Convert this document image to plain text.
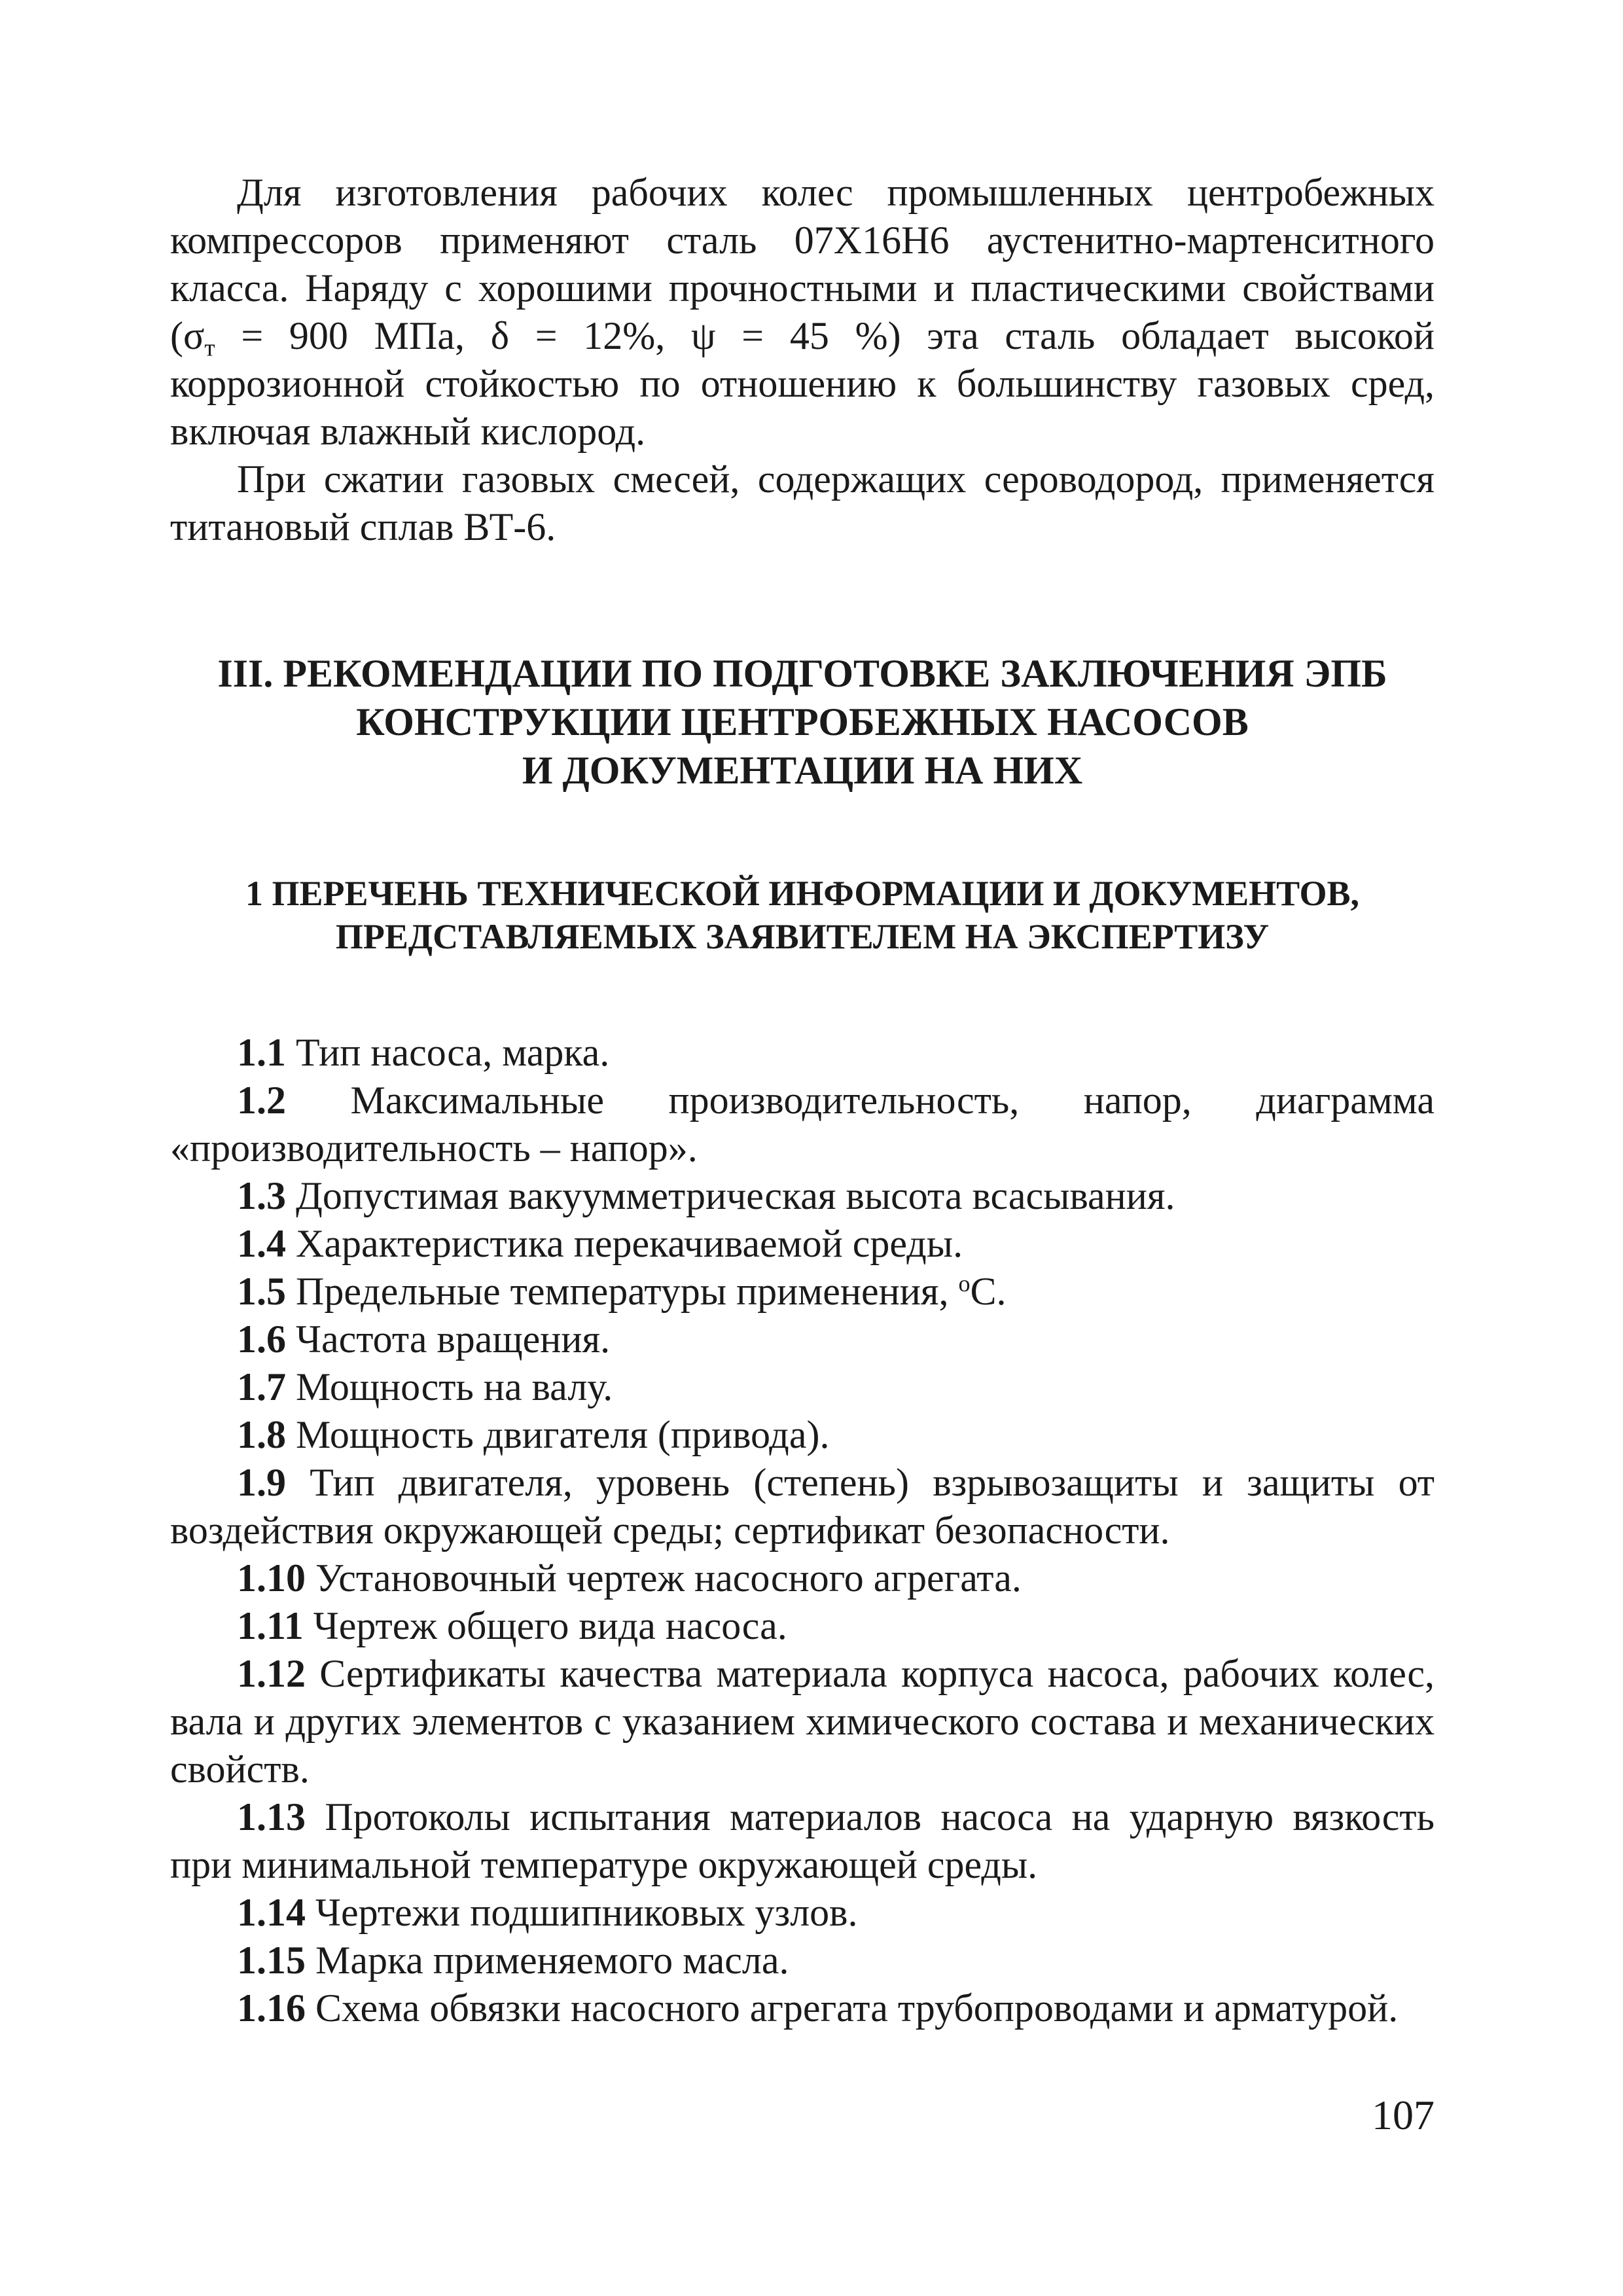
Для изготовления рабочих колес промышленных центробежных компрессоров применяют сталь 07Х16Н6 аустенитно-мартенситного класса. Наряду с хорошими прочностными и пластическими свойствами ($\sigma_т = 900$ МПа, δ = 12%, ψ = 45 %) эта сталь обладает высокой коррозионной стойкостью по отношению к большинству газовых сред, включая влажный кислород.

При сжатии газовых смесей, содержащих сероводород, применяется титановый сплав ВТ-6.

III. РЕКОМЕНДАЦИИ ПО ПОДГОТОВКЕ ЗАКЛЮЧЕНИЯ ЭПБ
КОНСТРУКЦИИ ЦЕНТРОБЕЖНЫХ НАСОСОВ
И ДОКУМЕНТАЦИИ НА НИХ
1 ПЕРЕЧЕНЬ ТЕХНИЧЕСКОЙ ИНФОРМАЦИИ И ДОКУМЕНТОВ,
ПРЕДСТАВЛЯЕМЫХ ЗАЯВИТЕЛЕМ НА ЭКСПЕРТИЗУ

1.1 Тип насоса, марка.

1.2 Максимальные производительность, напор, диаграмма «производительность – напор».

1.3 Допустимая вакуумметрическая высота всасывания.

1.4 Характеристика перекачиваемой среды.

1.5 Предельные температуры применения, $^о$С.

1.6 Частота вращения.

1.7 Мощность на валу.

1.8 Мощность двигателя (привода).

1.9 Тип двигателя, уровень (степень) взрывозащиты и защиты от воздействия окружающей среды; сертификат безопасности.

1.10 Установочный чертеж насосного агрегата.

1.11 Чертеж общего вида насоса.

1.12 Сертификаты качества материала корпуса насоса, рабочих колес, вала и других элементов с указанием химического состава и механических свойств.

1.13 Протоколы испытания материалов насоса на ударную вязкость при минимальной температуре окружающей среды.

1.14 Чертежи подшипниковых узлов.

1.15 Марка применяемого масла.

1.16 Схема обвязки насосного агрегата трубопроводами и арматурой.

107
